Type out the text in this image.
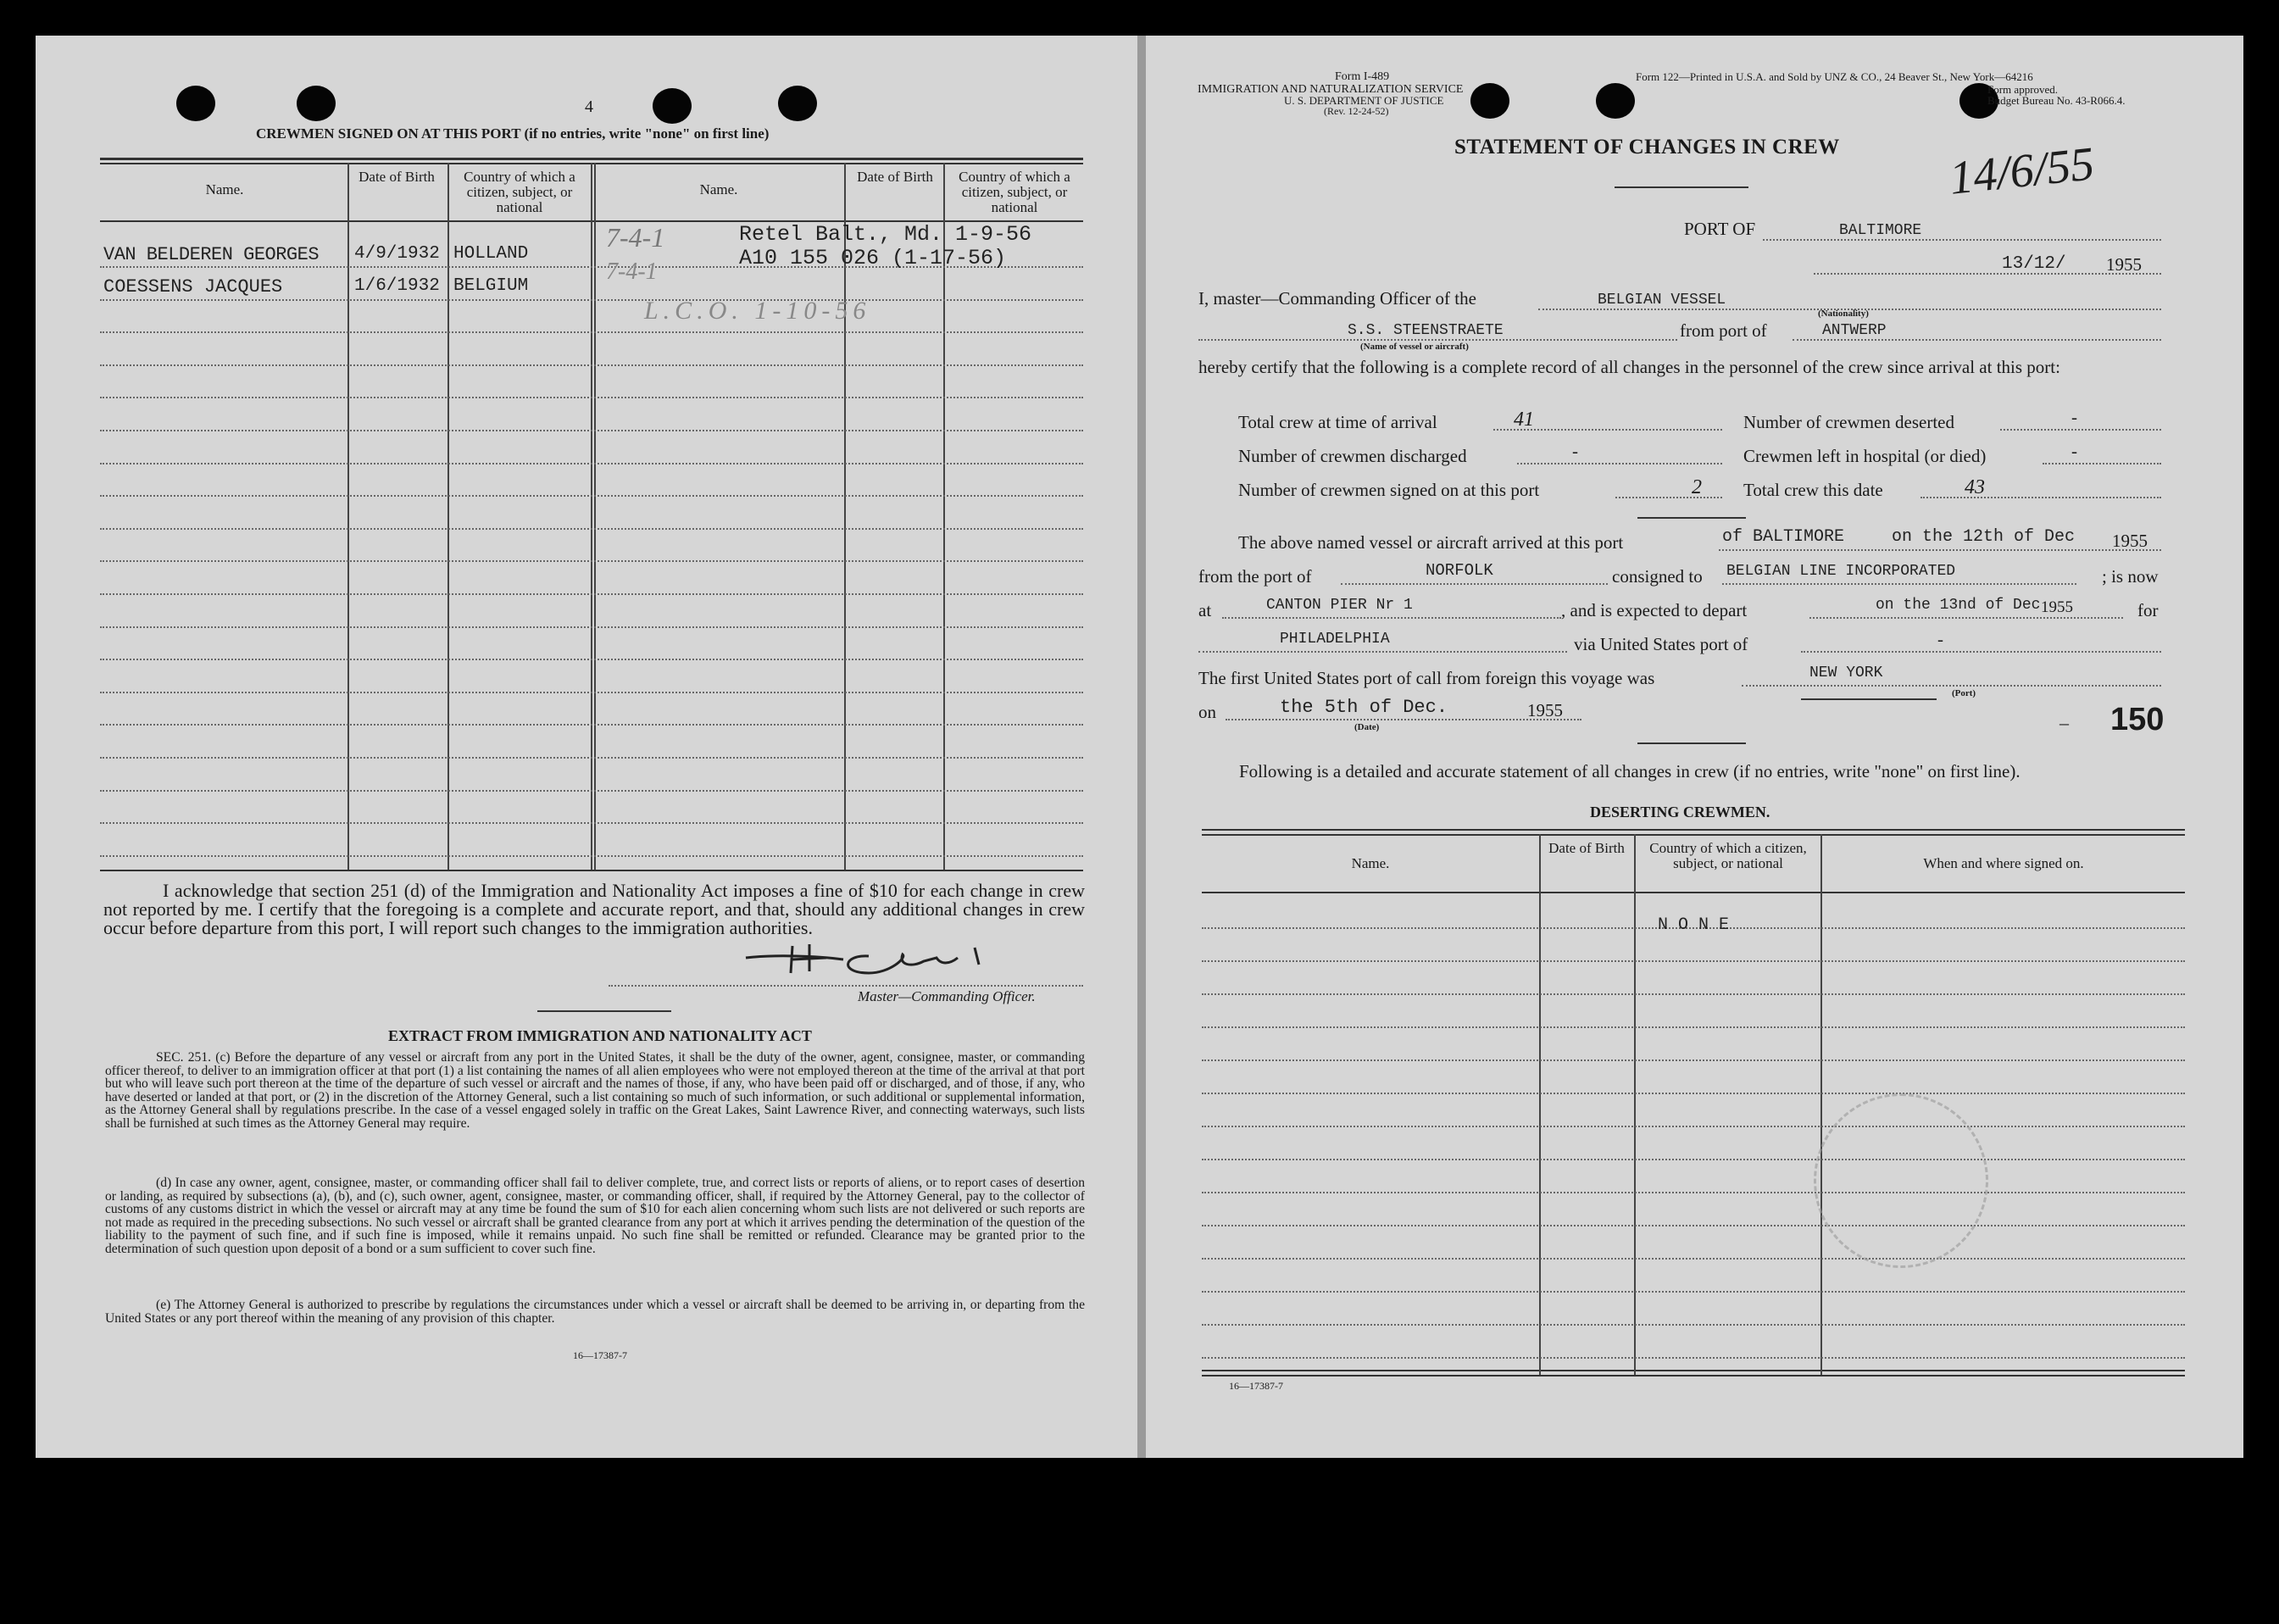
4
CREWMEN SIGNED ON AT THIS PORT (if no entries, write "none" on first line)
Name.
Date of Birth	Country of which a citizen, subject, or national
Name.
Date of Birth	Country of which a citizen, subject, or national
VAN BELDEREN GEORGES 4/9/1932 HOLLAND
COESSENS JACQUES	1/6/1932 BELGIUM
Retel Balt., Md. 1-9-56
A10 155 026 (1-17-56)
7-4-1
7-4-1
L.C.O. 1-10-56
I acknowledge that section 251 (d) of the Immigration and Nationality Act imposes a fine of $10 for each change in crew not reported by me. I certify that the foregoing is a complete and accurate report, and that, should any additional changes in crew occur before departure from this port, I will report such changes to the immigration authorities.
Master—Commanding Officer.
EXTRACT FROM IMMIGRATION AND NATIONALITY ACT
SEC. 251. (c) Before the departure of any vessel or aircraft from any port in the United States, it shall be the duty of the owner, agent, consignee, master, or commanding officer thereof, to deliver to an immigration officer at that port (1) a list containing the names of all alien employees who were not employed thereon at the time of the arrival at that port but who will leave such port thereon at the time of the departure of such vessel or aircraft and the names of those, if any, who have been paid off or discharged, and of those, if any, who have deserted or landed at that port, or (2) in the discretion of the Attorney General, such a list containing so much of such information, or such additional or supplemental information, as the Attorney General shall by regulations prescribe. In the case of a vessel engaged solely in traffic on the Great Lakes, Saint Lawrence River, and connecting waterways, such lists shall be furnished at such times as the Attorney General may require.
(d) In case any owner, agent, consignee, master, or commanding officer shall fail to deliver complete, true, and correct lists or reports of aliens, or to report cases of desertion or landing, as required by subsections (a), (b), and (c), such owner, agent, consignee, master, or commanding officer, shall, if required by the Attorney General, pay to the collector of customs of any customs district in which the vessel or aircraft may at any time be found the sum of $10 for each alien concerning whom such lists are not delivered or such reports are not made as required in the preceding subsections. No such vessel or aircraft shall be granted clearance from any port at which it arrives pending the determination of the question of the liability to the payment of such fine, and if such fine is imposed, while it remains unpaid. No such fine shall be remitted or refunded. Clearance may be granted prior to the determination of such question upon deposit of a bond or a sum sufficient to cover such fine.
(e) The Attorney General is authorized to prescribe by regulations the circumstances under which a vessel or aircraft shall be deemed to be arriving in, or departing from the United States or any port thereof within the meaning of any provision of this chapter.
16—17387-7
Form I-489
IMMIGRATION AND NATURALIZATION SERVICE
U. S. DEPARTMENT OF JUSTICE
(Rev. 12-24-52)
Form 122—Printed in U.S.A. and Sold by UNZ & CO., 24 Beaver St., New York—64216
Form approved.
Budget Bureau No. 43-R066.4.
STATEMENT OF CHANGES IN CREW 14/6/55
PORT OF	BALTIMORE
13/12/ 1955
I, master—Commanding Officer of the	BELGIAN VESSEL
(Nationality)
S.S. STEENSTRAETE
(Name of vessel or aircraft)
from port of	ANTWERP
hereby certify that the following is a complete record of all changes in the personnel of the crew since arrival at this port:
Total crew at time of arrival	41	Number of crewmen deserted	-
Number of crewmen discharged	-	Crewmen left in hospital (or died)	-
Number of crewmen signed on at this port	2 Total crew this date	43
The above named vessel or aircraft arrived at this port	of BALTIMORE	on the 12th of Dec 1955
from the port of	NORFOLK	consigned to BELGIAN LINE INCORPORATED	; is now
at	CANTON PIER Nr 1	, and is expected to depart	on the 13nd of Dec 1955	for
PHILADELPHIA	via United States port of	-
The first United States port of call from foreign this voyage was	NEW YORK
(Port)
on	the 5th of Dec.	1955
(Date)	– 150
Following is a detailed and accurate statement of all changes in crew (if no entries, write "none" on first line).
DESERTING CREWMEN.
Name.
Date of Birth	Country of which a citizen, subject, or national	When and where signed on.
N O N E
16—17387-7
